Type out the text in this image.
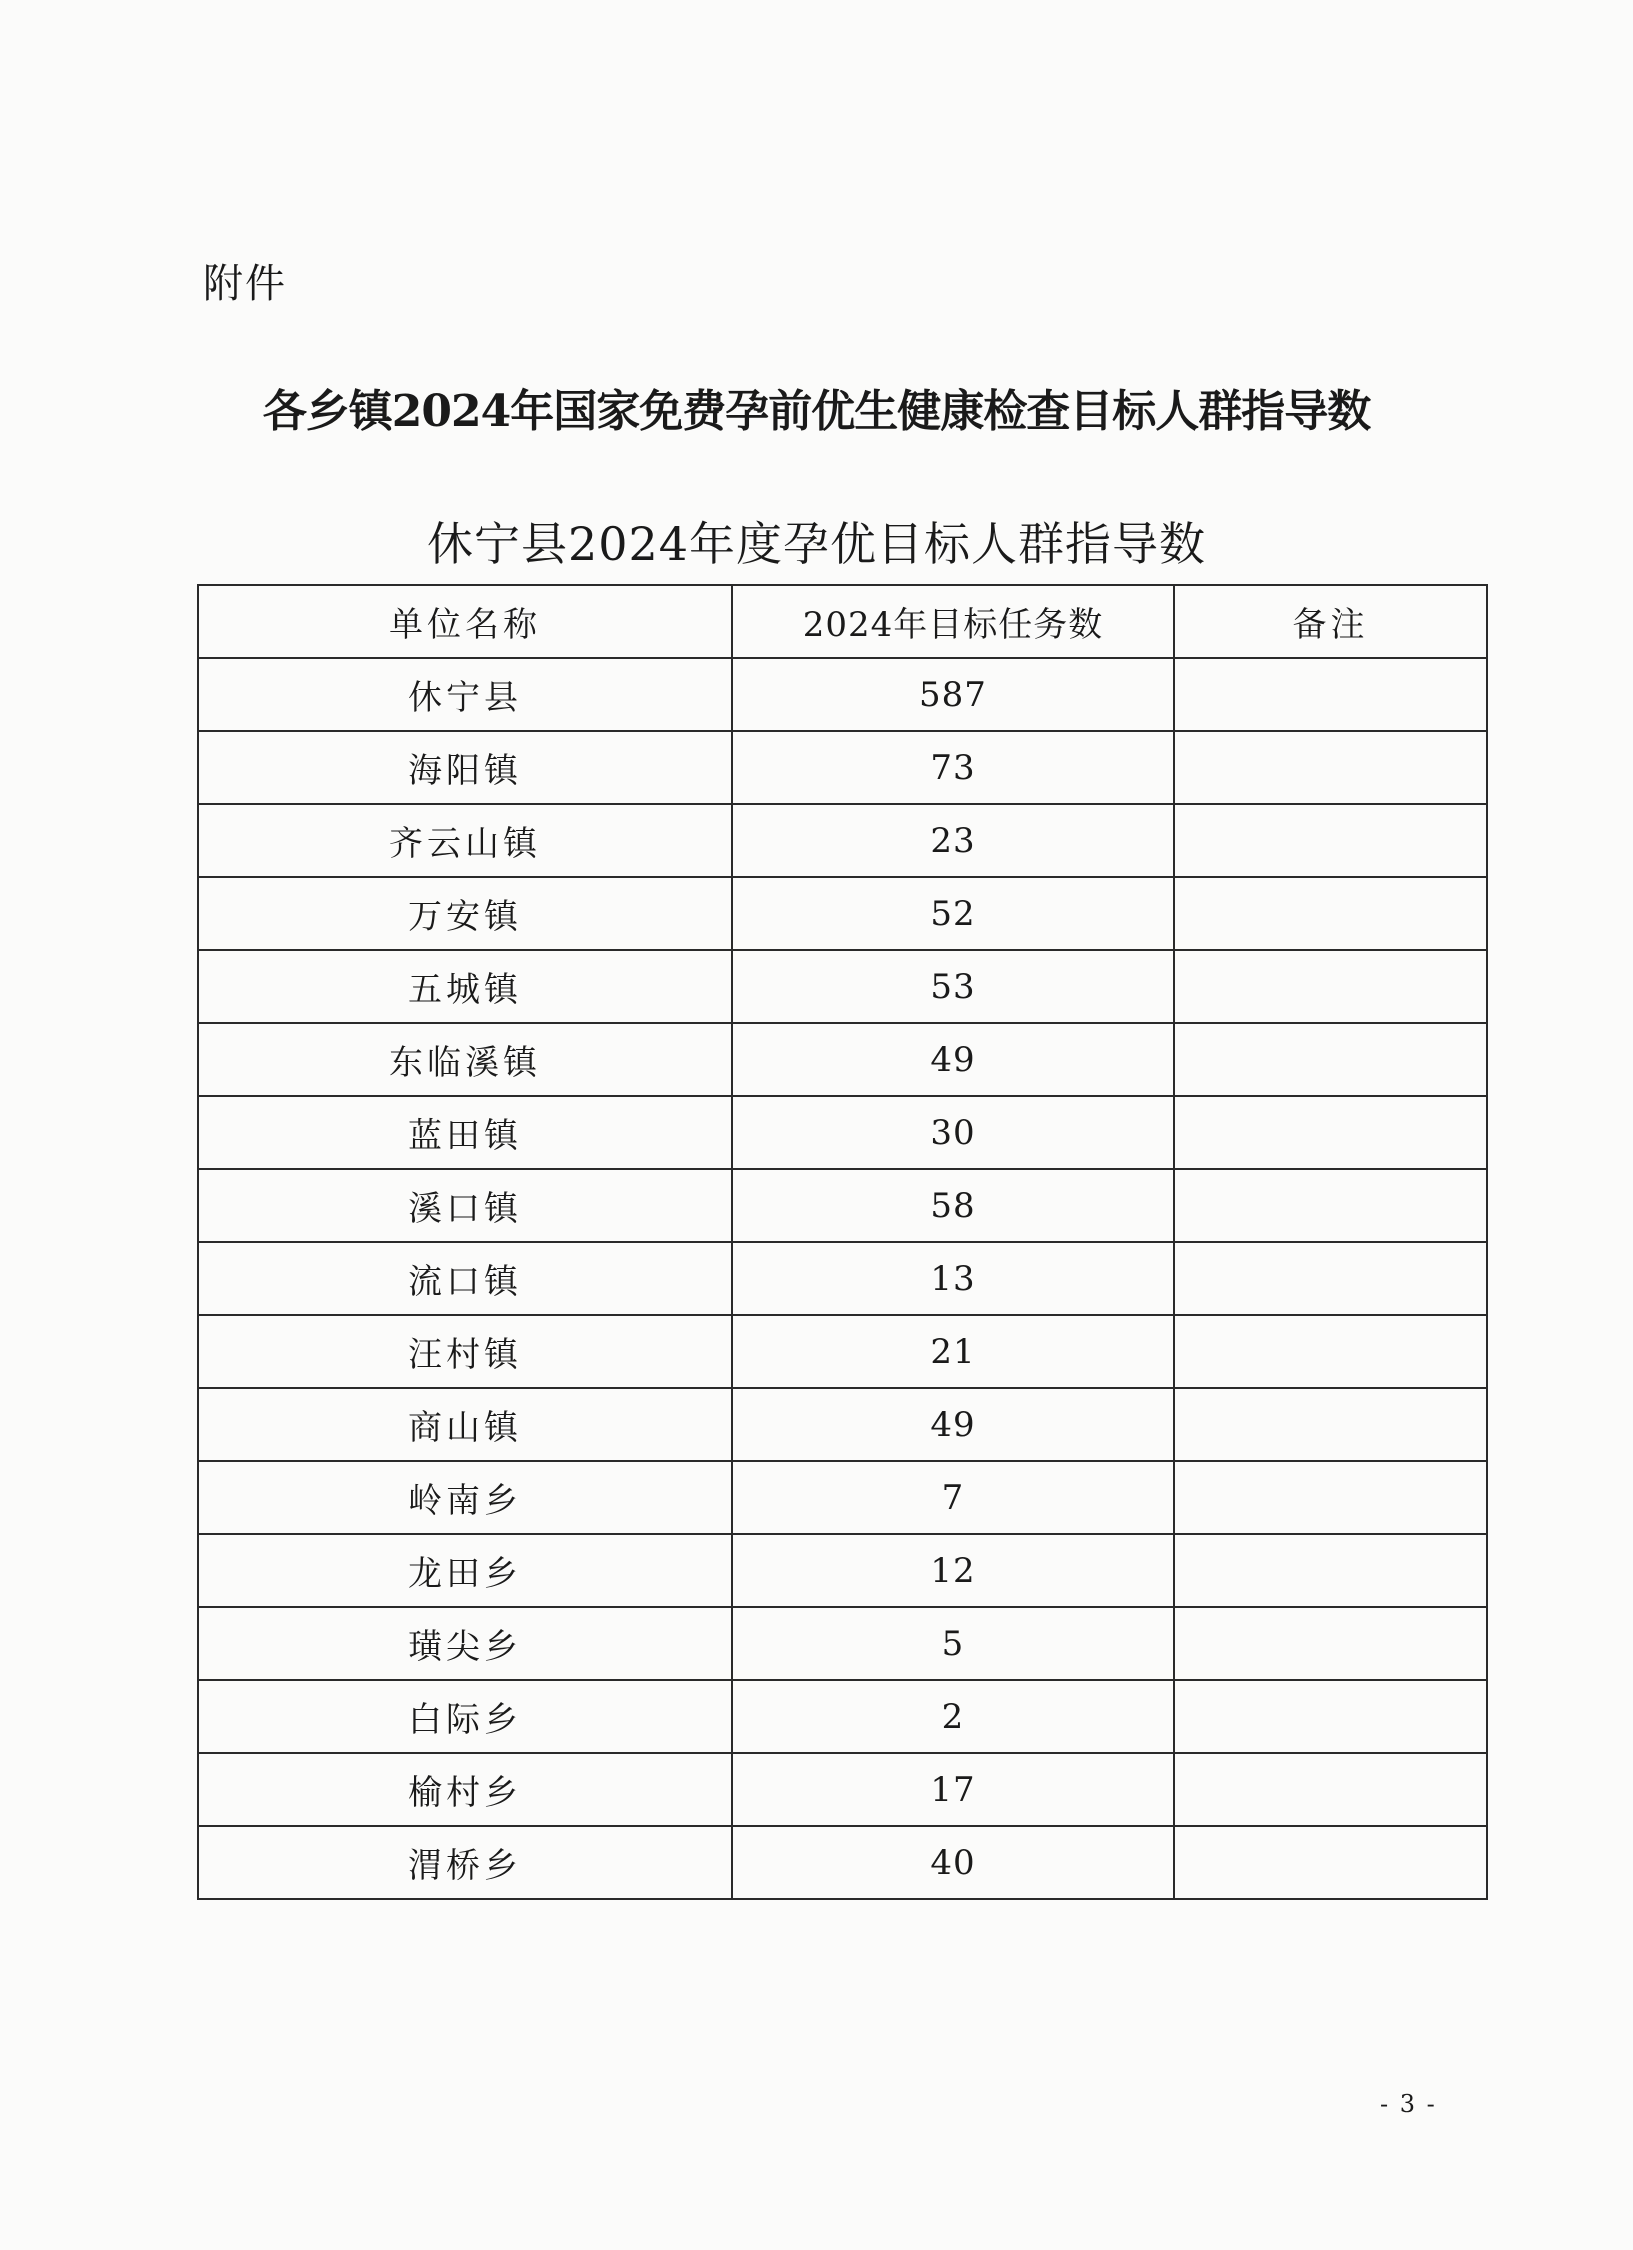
附件
各乡镇2024年国家免费孕前优生健康检查目标人群指导数
休宁县2024年度孕优目标人群指导数
单位名称	2024年目标任务数	备注
休宁县	587	
海阳镇	73	
齐云山镇	23	
万安镇	52	
五城镇	53	
东临溪镇	49	
蓝田镇	30	
溪口镇	58	
流口镇	13	
汪村镇	21	
商山镇	49	
岭南乡	7	
龙田乡	12	
璜尖乡	5	
白际乡	2	
榆村乡	17	
渭桥乡	40	
- 3 -
